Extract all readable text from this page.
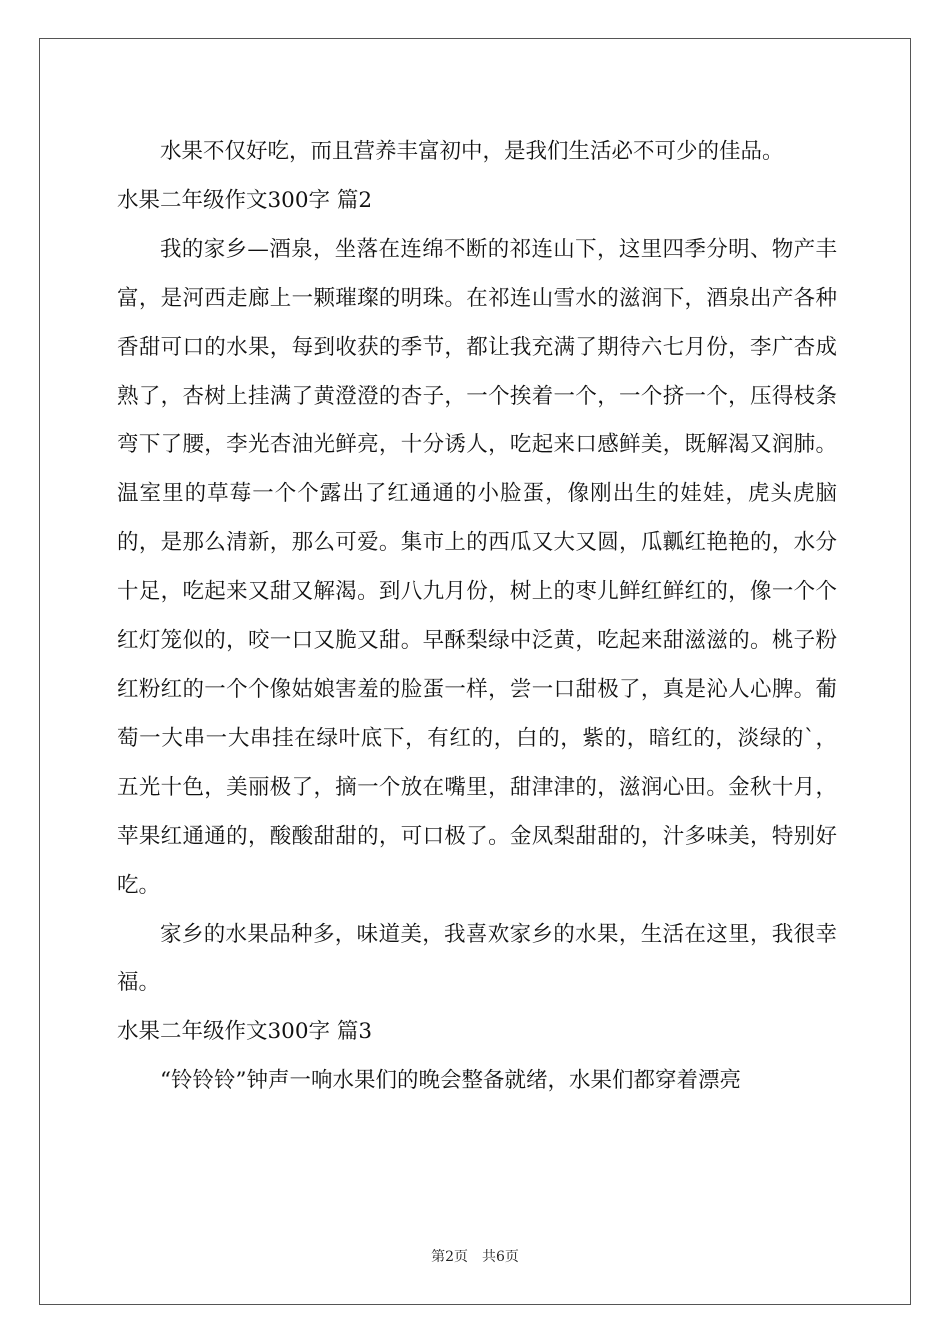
水果不仅好吃，而且营养丰富初中，是我们生活必不可少的佳品。

水果二年级作文300字 篇2

我的家乡—酒泉，坐落在连绵不断的祁连山下，这里四季分明、物产丰富，是河西走廊上一颗璀璨的明珠。在祁连山雪水的滋润下，酒泉出产各种香甜可口的水果，每到收获的季节，都让我充满了期待六七月份，李广杏成熟了，杏树上挂满了黄澄澄的杏子，一个挨着一个，一个挤一个，压得枝条弯下了腰，李光杏油光鲜亮，十分诱人，吃起来口感鲜美，既解渴又润肺。温室里的草莓一个个露出了红通通的小脸蛋，像刚出生的娃娃，虎头虎脑的，是那么清新，那么可爱。集市上的西瓜又大又圆，瓜瓤红艳艳的，水分十足，吃起来又甜又解渴。到八九月份，树上的枣儿鲜红鲜红的，像一个个红灯笼似的，咬一口又脆又甜。早酥梨绿中泛黄，吃起来甜滋滋的。桃子粉红粉红的一个个像姑娘害羞的脸蛋一样，尝一口甜极了，真是沁人心脾。葡萄一大串一大串挂在绿叶底下，有红的，白的，紫的，暗红的，淡绿的`，五光十色，美丽极了，摘一个放在嘴里，甜津津的，滋润心田。金秋十月，苹果红通通的，酸酸甜甜的，可口极了。金凤梨甜甜的，汁多味美，特别好吃。

家乡的水果品种多，味道美，我喜欢家乡的水果，生活在这里，我很幸福。

水果二年级作文300字 篇3

“铃铃铃”钟声一响水果们的晚会整备就绪，水果们都穿着漂亮

第2页　共6页
